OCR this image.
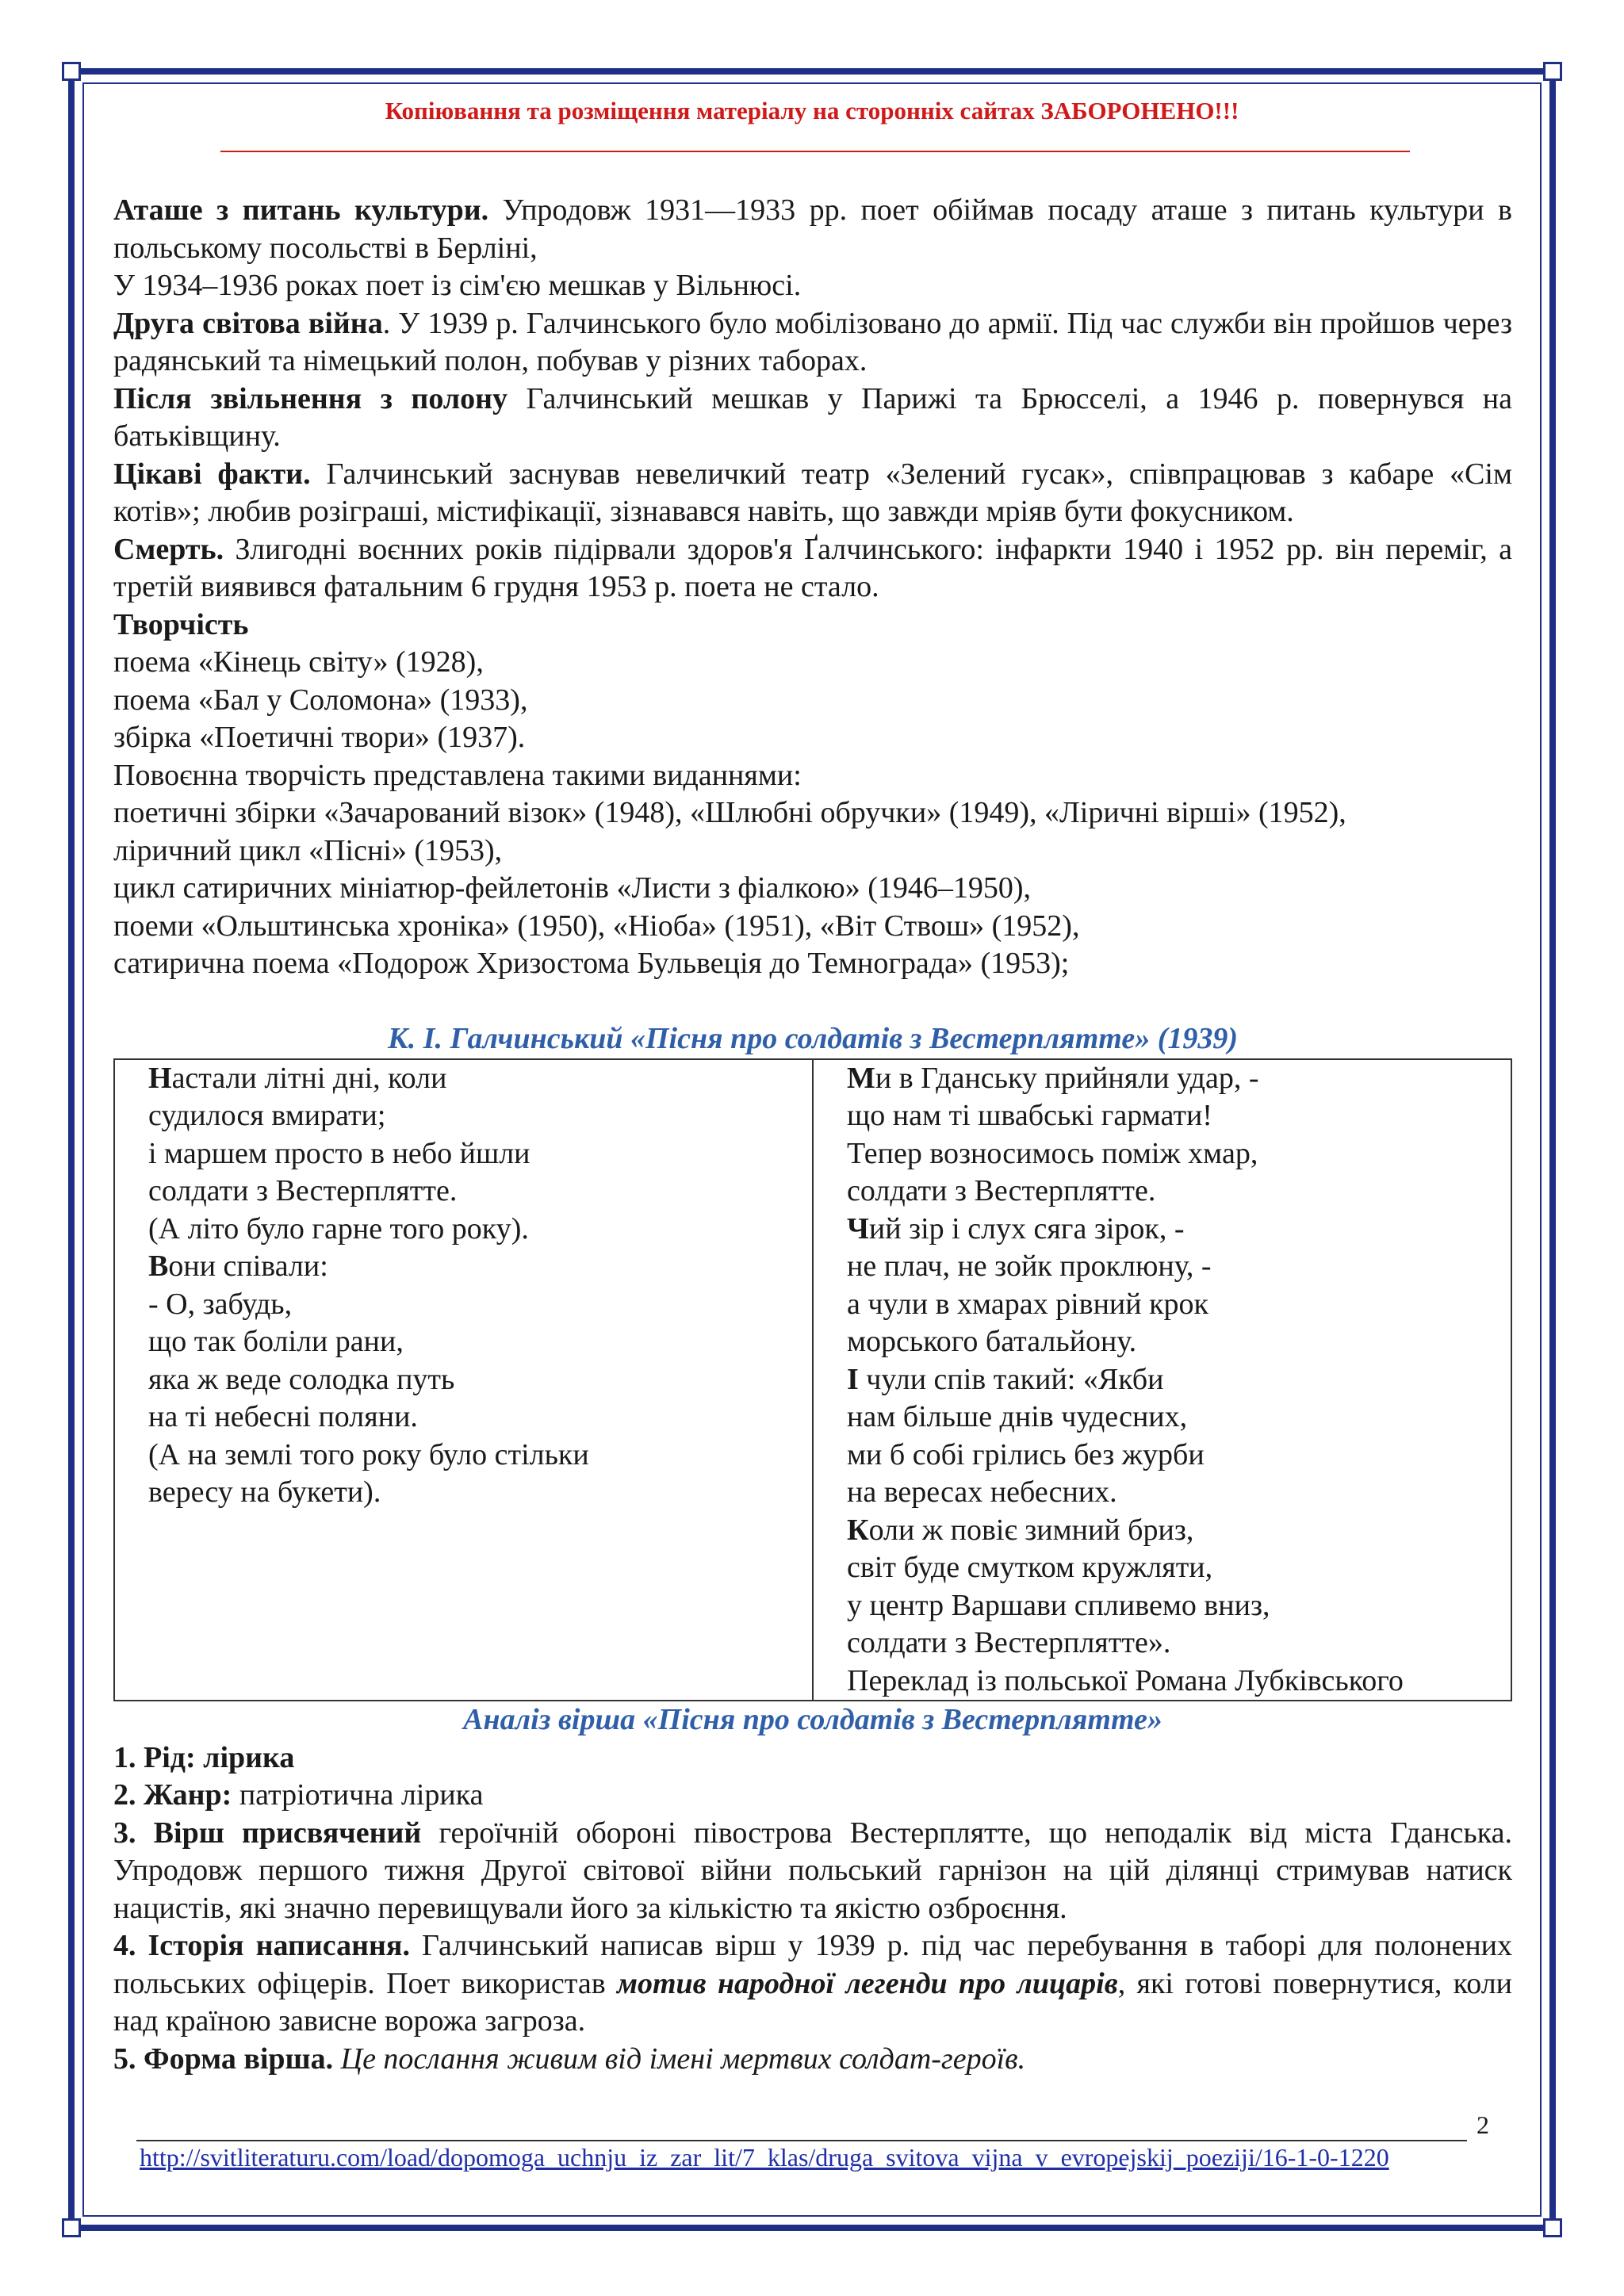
Копіювання та розміщення матеріалу на сторонніх сайтах ЗАБОРОНЕНО!!!

Аташе з питань культури. Упродовж 1931—1933 рр. поет обіймав посаду аташе з питань культури в польському посольстві в Берліні,

У 1934–1936 роках поет із сім'єю мешкав у Вільнюсі.

Друга світова війна. У 1939 р. Галчинського було мобілізовано до армії. Під час служби він пройшов через радянський та німецький полон, побував у різних таборах.

Після звільнення з полону Галчинський мешкав у Парижі та Брюсселі, а 1946 р. повернувся на батьківщину.

Цікаві факти. Галчинський заснував невеличкий театр «Зелений гусак», співпрацював з кабаре «Сім котів»; любив розіграші, містифікації, зізнавався навіть, що завжди мріяв бути фокусником.

Смерть. Злигодні воєнних років підірвали здоров'я Ґалчинського: інфаркти 1940 і 1952 рр. він переміг, а третій виявився фатальним 6 грудня 1953 р. поета не стало.

Творчість

поема «Кінець світу» (1928),

поема «Бал у Соломона» (1933),

збірка «Поетичні твори» (1937).

Повоєнна творчість представлена такими виданнями:

поетичні збірки «Зачарований візок» (1948), «Шлюбні обручки» (1949), «Ліричні вірші» (1952),

ліричний цикл «Пісні» (1953),

цикл сатиричних мініатюр-фейлетонів «Листи з фіалкою» (1946–1950),

поеми «Ольштинська хроніка» (1950), «Ніоба» (1951), «Віт Ствош» (1952),

сатирична поема «Подорож Хризостома Бульвеція до Темнограда» (1953);

К. І. Галчинський «Пісня про солдатів з Вестерплятте» (1939)
Настали літні дні, коли
судилося вмирати;
і маршем просто в небо йшли
солдати з Вестерплятте.
(А літо було гарне того року).
Вони співали:
- О, забудь,
що так боліли рани,
яка ж веде солодка путь
на ті небесні поляни.
(А на землі того року було стільки
вересу на букети).

Ми в Гданську прийняли удар, -
що нам ті швабські гармати!
Тепер возносимось поміж хмар,
солдати з Вестерплятте.
Чий зір і слух сяга зірок, -
не плач, не зойк проклюну, -
а чули в хмарах рівний крок
морського батальйону.
І чули спів такий: «Якби
нам більше днів чудесних,
ми б собі грілись без журби
на вересах небесних.
Коли ж повіє зимний бриз,
світ буде смутком кружляти,
у центр Варшави спливемо вниз,
солдати з Вестерплятте».
Переклад із польської Романа Лубківського
Аналіз вірша «Пісня про солдатів з Вестерплятте»

1. Рід: лірика

2. Жанр: патріотична лірика

3. Вірш присвячений героїчній обороні півострова Вестерплятте, що неподалік від міста Гданська. Упродовж першого тижня Другої світової війни польський гарнізон на цій ділянці стримував натиск нацистів, які значно перевищували його за кількістю та якістю озброєння.

4. Історія написання. Галчинський написав вірш у 1939 р. під час перебування в таборі для полонених польських офіцерів. Поет використав мотив народної легенди про лицарів, які готові повернутися, коли над країною зависне ворожа загроза.

5. Форма вірша. Це послання живим від імені мертвих солдат-героїв.

2
http://svitliteraturu.com/load/dopomoga_uchnju_iz_zar_lit/7_klas/druga_svitova_vijna_v_evropejskij_poeziji/16-1-0-1220
